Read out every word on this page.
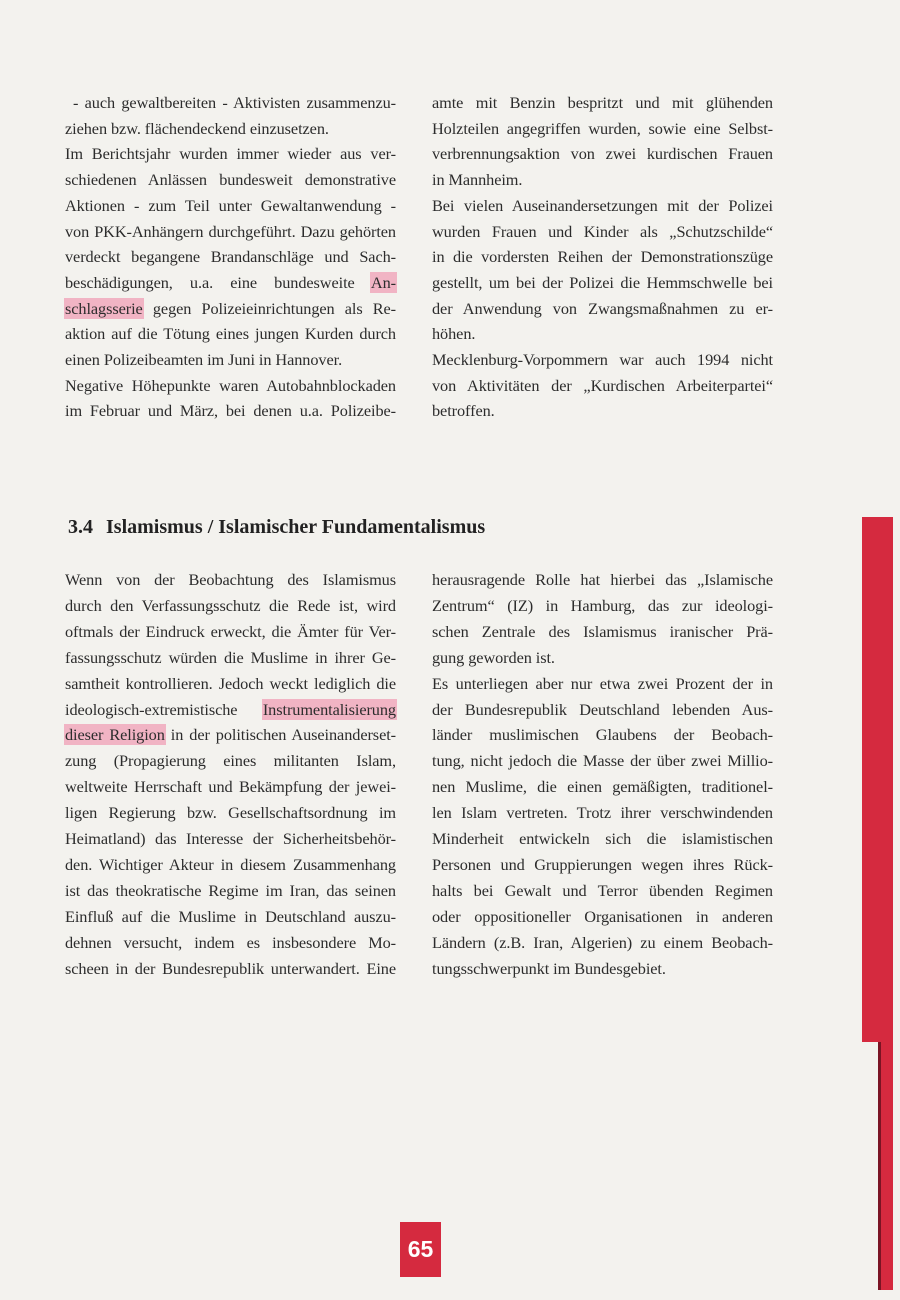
- auch gewaltbereiten - Aktivisten zusammenzu-
ziehen bzw. flächendeckend einzusetzen.
Im Berichtsjahr wurden immer wieder aus ver-
schiedenen Anlässen bundesweit demonstrative
Aktionen - zum Teil unter Gewaltanwendung -
von PKK-Anhängern durchgeführt. Dazu gehörten
verdeckt begangene Brandanschläge und Sach-
beschädigungen, u.a. eine bundesweite An-
schlagsserie gegen Polizeieinrichtungen als Re-
aktion auf die Tötung eines jungen Kurden durch
einen Polizeibeamten im Juni in Hannover.
Negative Höhepunkte waren Autobahnblockaden
im Februar und März, bei denen u.a. Polizeibe-
amte mit Benzin bespritzt und mit glühenden
Holzteilen angegriffen wurden, sowie eine Selbst-
verbrennungsaktion von zwei kurdischen Frauen
in Mannheim.
Bei vielen Auseinandersetzungen mit der Polizei
wurden Frauen und Kinder als „Schutzschilde“
in die vordersten Reihen der Demonstrationszüge
gestellt, um bei der Polizei die Hemmschwelle bei
der Anwendung von Zwangsmaßnahmen zu er-
höhen.
Mecklenburg-Vorpommern war auch 1994 nicht
von Aktivitäten der „Kurdischen Arbeiterpartei“
betroffen.
3.4 Islamismus / Islamischer Fundamentalismus
Wenn von der Beobachtung des Islamismus
durch den Verfassungsschutz die Rede ist, wird
oftmals der Eindruck erweckt, die Ämter für Ver-
fassungsschutz würden die Muslime in ihrer Ge-
samtheit kontrollieren. Jedoch weckt lediglich die
ideologisch-extremistische Instrumentalisierung
dieser Religion in der politischen Auseinanderset-
zung (Propagierung eines militanten Islam,
weltweite Herrschaft und Bekämpfung der jewei-
ligen Regierung bzw. Gesellschaftsordnung im
Heimatland) das Interesse der Sicherheitsbehör-
den. Wichtiger Akteur in diesem Zusammenhang
ist das theokratische Regime im Iran, das seinen
Einfluß auf die Muslime in Deutschland auszu-
dehnen versucht, indem es insbesondere Mo-
scheen in der Bundesrepublik unterwandert. Eine
herausragende Rolle hat hierbei das „Islamische
Zentrum“ (IZ) in Hamburg, das zur ideologi-
schen Zentrale des Islamismus iranischer Prä-
gung geworden ist.
Es unterliegen aber nur etwa zwei Prozent der in
der Bundesrepublik Deutschland lebenden Aus-
länder muslimischen Glaubens der Beobach-
tung, nicht jedoch die Masse der über zwei Millio-
nen Muslime, die einen gemäßigten, traditionel-
len Islam vertreten. Trotz ihrer verschwindenden
Minderheit entwickeln sich die islamistischen
Personen und Gruppierungen wegen ihres Rück-
halts bei Gewalt und Terror übenden Regimen
oder oppositioneller Organisationen in anderen
Ländern (z.B. Iran, Algerien) zu einem Beobach-
tungsschwerpunkt im Bundesgebiet.
65
